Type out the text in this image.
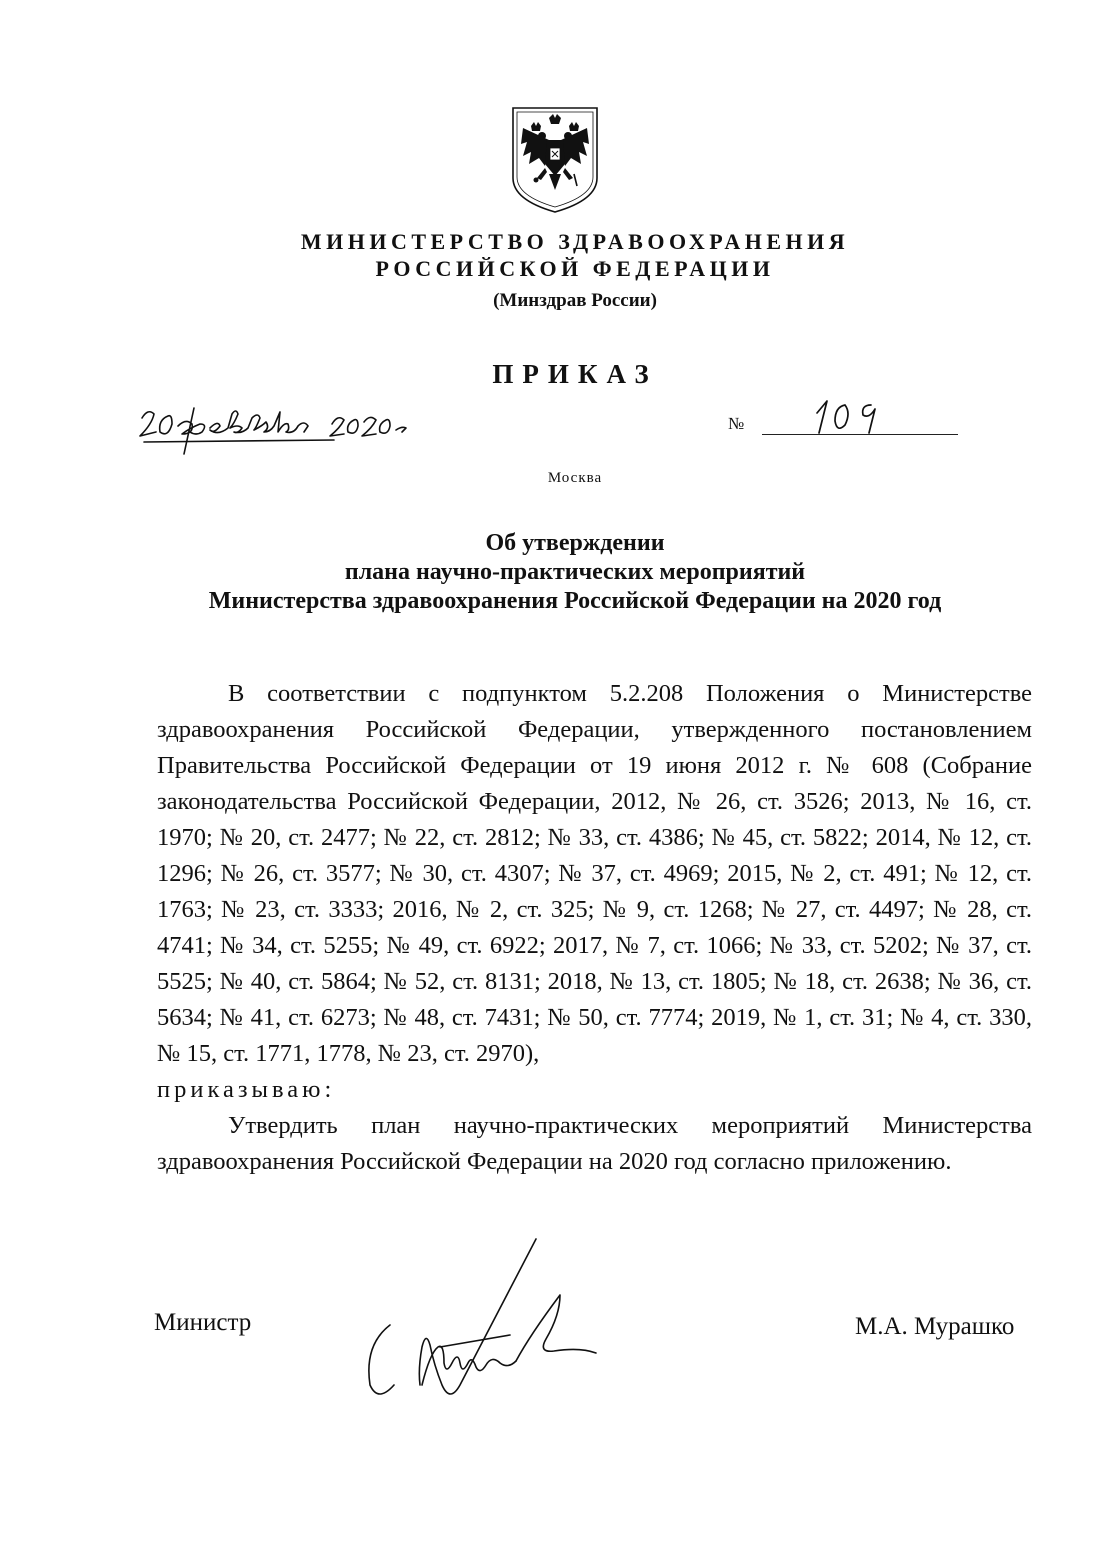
МИНИСТЕРСТВО ЗДРАВООХРАНЕНИЯ
РОССИЙСКОЙ ФЕДЕРАЦИИ
(Минздрав России)
ПРИКАЗ
№
Москва
Об утверждении
плана научно-практических мероприятий
Министерства здравоохранения Российской Федерации на 2020 год

В соответствии с подпунктом 5.2.208 Положения о Министерстве здравоохранения Российской Федерации, утвержденного постановлением Правительства Российской Федерации от 19 июня 2012 г. № 608 (Собрание законодательства Российской Федерации, 2012, № 26, ст. 3526; 2013, № 16, ст. 1970; № 20, ст. 2477; № 22, ст. 2812; № 33, ст. 4386; № 45, ст. 5822; 2014, № 12, ст. 1296; № 26, ст. 3577; № 30, ст. 4307; № 37, ст. 4969; 2015, № 2, ст. 491; № 12, ст. 1763; № 23, ст. 3333; 2016, № 2, ст. 325; № 9, ст. 1268; № 27, ст. 4497; № 28, ст. 4741; № 34, ст. 5255; № 49, ст. 6922; 2017, № 7, ст. 1066; № 33, ст. 5202; № 37, ст. 5525; № 40, ст. 5864; № 52, ст. 8131; 2018, № 13, ст. 1805; № 18, ст. 2638; № 36, ст. 5634; № 41, ст. 6273; № 48, ст. 7431; № 50, ст. 7774; 2019, № 1, ст. 31; № 4, ст. 330, № 15, ст. 1771, 1778, № 23, ст. 2970),

приказываю:

Утвердить план научно-практических мероприятий Министерства здравоохранения Российской Федерации на 2020 год согласно приложению.

Министр	М.А. Мурашко
